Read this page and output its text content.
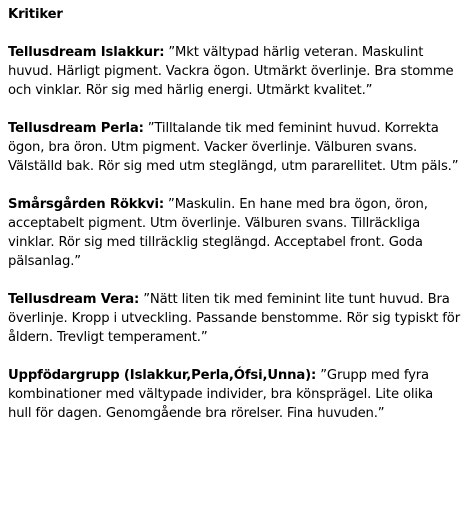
Kritiker
Tellusdream Islakkur: ”Mkt vältypad härlig veteran. Maskulint huvud. Härligt pigment. Vackra ögon. Utmärkt överlinje. Bra stomme och vinklar. Rör sig med härlig energi. Utmärkt kvalitet.”
Tellusdream Perla: ”Tilltalande tik med feminint huvud. Korrekta ögon, bra öron. Utm pigment. Vacker överlinje. Välburen svans. Välställd bak. Rör sig med utm steglängd, utm pararellitet. Utm päls.”
Smårsgården Rökkvi: ”Maskulin. En hane med bra ögon, öron, acceptabelt pigment. Utm överlinje. Välburen svans. Tillräckliga vinklar. Rör sig med tillräcklig steglängd. Acceptabel front. Goda pälsanlag.”
Tellusdream Vera: ”Nätt liten tik med feminint lite tunt huvud. Bra överlinje. Kropp i utveckling. Passande benstomme. Rör sig typiskt för åldern. Trevligt temperament.”
Uppfödargrupp (Islakkur,Perla,Ófsi,Unna): ”Grupp med fyra kombinationer med vältypade individer, bra könsprägel. Lite olika hull för dagen. Genomgående bra rörelser. Fina huvuden.”
